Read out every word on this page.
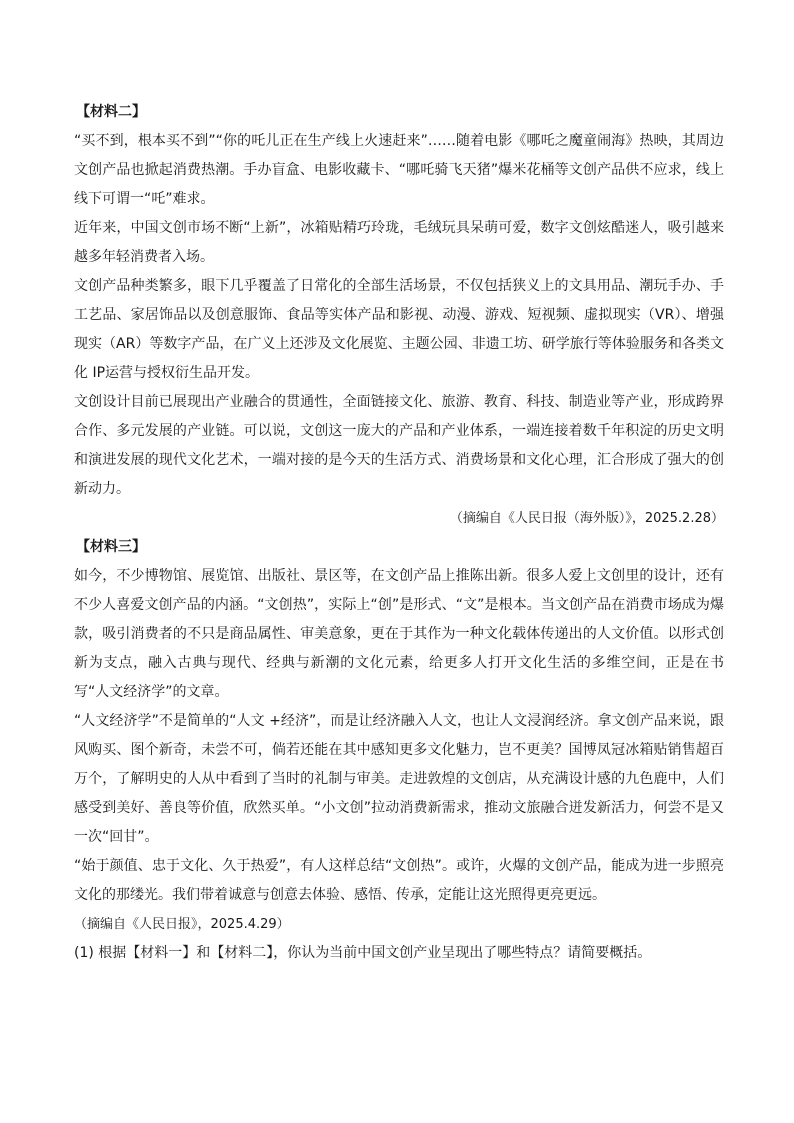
【材料二】

“买不到，根本买不到”“你的吒儿正在生产线上火速赶来”……随着电影《哪吒之魔童闹海》热映，其周边文创产品也掀起消费热潮。手办盲盒、电影收藏卡、“哪吒骑飞天猪”爆米花桶等文创产品供不应求，线上线下可谓一“吒”难求。

近年来，中国文创市场不断“上新”，冰箱贴精巧玲珑，毛绒玩具呆萌可爱，数字文创炫酷迷人，吸引越来越多年轻消费者入场。

文创产品种类繁多，眼下几乎覆盖了日常化的全部生活场景，不仅包括狭义上的文具用品、潮玩手办、手工艺品、家居饰品以及创意服饰、食品等实体产品和影视、动漫、游戏、短视频、虚拟现实（VR）、增强现实（AR）等数字产品，在广义上还涉及文化展览、主题公园、非遗工坊、研学旅行等体验服务和各类文化 IP运营与授权衍生品开发。

文创设计目前已展现出产业融合的贯通性，全面链接文化、旅游、教育、科技、制造业等产业，形成跨界合作、多元发展的产业链。可以说，文创这一庞大的产品和产业体系，一端连接着数千年积淀的历史文明和演进发展的现代文化艺术，一端对接的是今天的生活方式、消费场景和文化心理，汇合形成了强大的创新动力。

（摘编自《人民日报（海外版）》，2025.2.28）

【材料三】

如今，不少博物馆、展览馆、出版社、景区等，在文创产品上推陈出新。很多人爱上文创里的设计，还有不少人喜爱文创产品的内涵。“文创热”，实际上“创”是形式、“文”是根本。当文创产品在消费市场成为爆款，吸引消费者的不只是商品属性、审美意象，更在于其作为一种文化载体传递出的人文价值。以形式创新为支点，融入古典与现代、经典与新潮的文化元素，给更多人打开文化生活的多维空间，正是在书写“人文经济学”的文章。

“人文经济学”不是简单的“人文 +经济”，而是让经济融入人文，也让人文浸润经济。拿文创产品来说，跟风购买、图个新奇，未尝不可，倘若还能在其中感知更多文化魅力，岂不更美？国博凤冠冰箱贴销售超百万个，了解明史的人从中看到了当时的礼制与审美。走进敦煌的文创店，从充满设计感的九色鹿中，人们感受到美好、善良等价值，欣然买单。“小文创”拉动消费新需求，推动文旅融合迸发新活力，何尝不是又一次“回甘”。

“始于颜值、忠于文化、久于热爱”，有人这样总结“文创热”。或许，火爆的文创产品，能成为进一步照亮文化的那缕光。我们带着诚意与创意去体验、感悟、传承，定能让这光照得更亮更远。

（摘编自《人民日报》，2025.4.29）

(1) 根据【材料一】和【材料二】，你认为当前中国文创产业呈现出了哪些特点？请简要概括。
